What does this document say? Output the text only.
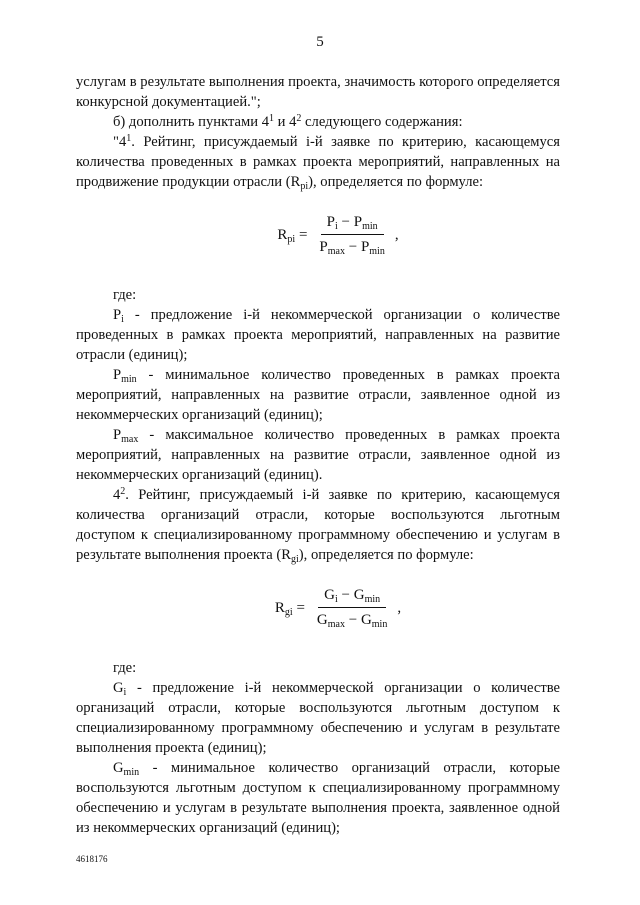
5

услугам в результате выполнения проекта, значимость которого определяется конкурсной документацией.";

б) дополнить пунктами $4^1$ и $4^2$ следующего содержания:

"$4^1$. Рейтинг, присуждаемый i-й заявке по критерию, касающемуся количества проведенных в рамках проекта мероприятий, направленных на продвижение продукции отрасли $(R_{pi})$, определяется по формуле:

$R_{pi} = \frac{P_i - P_{min}}{P_{max} - P_{min}}$ ,

где:

$P_i$ - предложение i-й некоммерческой организации о количестве проведенных в рамках проекта мероприятий, направленных на развитие отрасли (единиц);

$P_{min}$ - минимальное количество проведенных в рамках проекта мероприятий, направленных на развитие отрасли, заявленное одной из некоммерческих организаций (единиц);

$P_{max}$ - максимальное количество проведенных в рамках проекта мероприятий, направленных на развитие отрасли, заявленное одной из некоммерческих организаций (единиц).

$4^2$. Рейтинг, присуждаемый i-й заявке по критерию, касающемуся количества организаций отрасли, которые воспользуются льготным доступом к специализированному программному обеспечению и услугам в результате выполнения проекта $(R_{gi})$, определяется по формуле:

$R_{gi} = \frac{G_i - G_{min}}{G_{max} - G_{min}}$ ,

где:

$G_i$ - предложение i-й некоммерческой организации о количестве организаций отрасли, которые воспользуются льготным доступом к специализированному программному обеспечению и услугам в результате выполнения проекта (единиц);

$G_{min}$ - минимальное количество организаций отрасли, которые воспользуются льготным доступом к специализированному программному обеспечению и услугам в результате выполнения проекта, заявленное одной из некоммерческих организаций (единиц);

4618176
